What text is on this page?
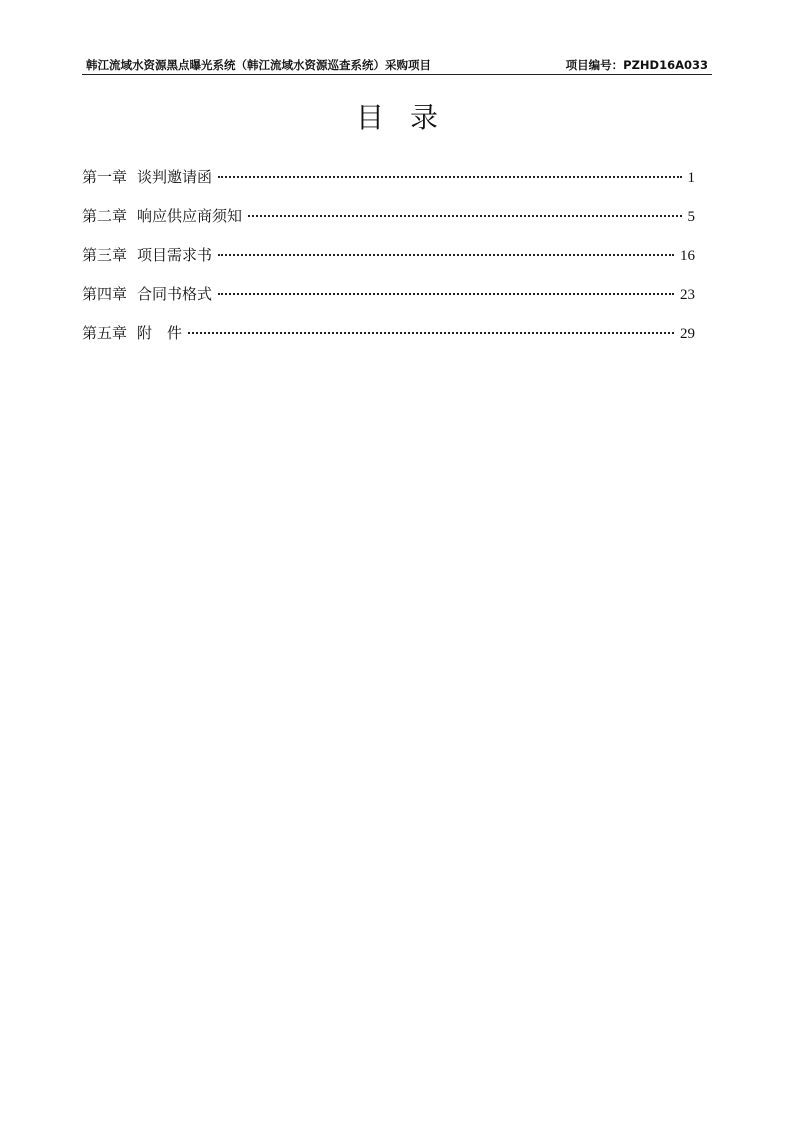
韩江流域水资源黑点曝光系统（韩江流域水资源巡查系统）采购项目	项目编号：PZHD16A033
目录
第一章 谈判邀请函	1
第二章 响应供应商须知	5
第三章 项目需求书	16
第四章 合同书格式	23
第五章 附　件	29
